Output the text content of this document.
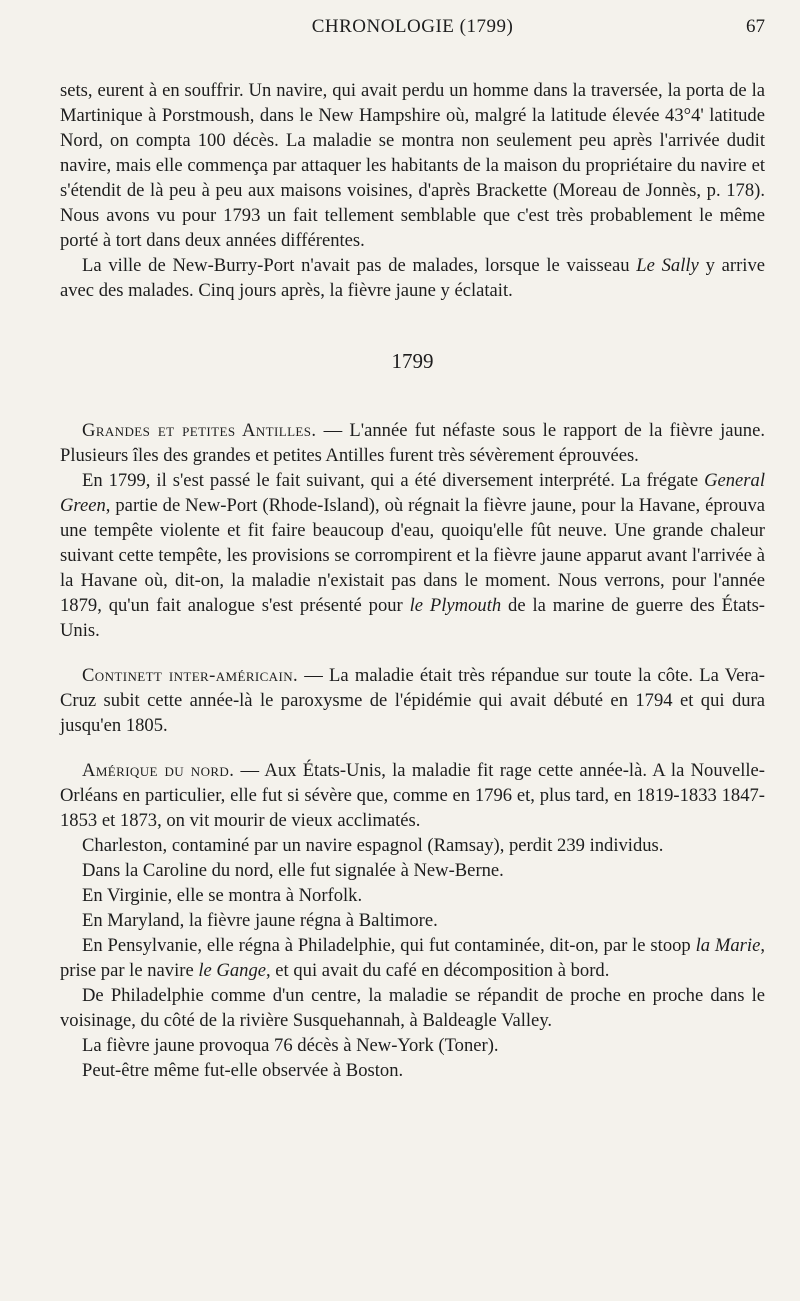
CHRONOLOGIE (1799)	67

sets, eurent à en souffrir. Un navire, qui avait perdu un homme dans la traversée, la porta de la Martinique à Porstmoush, dans le New Hampshire où, malgré la latitude élevée 43°4' latitude Nord, on compta 100 décès. La maladie se montra non seulement peu après l'arrivée dudit navire, mais elle commença par attaquer les habitants de la maison du propriétaire du navire et s'étendit de là peu à peu aux maisons voisines, d'après Brackette (Moreau de Jonnès, p. 178). Nous avons vu pour 1793 un fait tellement semblable que c'est très probablement le même porté à tort dans deux années différentes.

La ville de New-Burry-Port n'avait pas de malades, lorsque le vaisseau Le Sally y arrive avec des malades. Cinq jours après, la fièvre jaune y éclatait.

1799

Grandes et petites Antilles. — L'année fut néfaste sous le rapport de la fièvre jaune. Plusieurs îles des grandes et petites Antilles furent très sévèrement éprouvées.

En 1799, il s'est passé le fait suivant, qui a été diversement interprété. La frégate General Green, partie de New-Port (Rhode-Island), où régnait la fièvre jaune, pour la Havane, éprouva une tempête violente et fit faire beaucoup d'eau, quoiqu'elle fût neuve. Une grande chaleur suivant cette tempête, les provisions se corrompirent et la fièvre jaune apparut avant l'arrivée à la Havane où, dit-on, la maladie n'existait pas dans le moment. Nous verrons, pour l'année 1879, qu'un fait analogue s'est présenté pour le Plymouth de la marine de guerre des États-Unis.

Continett inter-américain. — La maladie était très répandue sur toute la côte. La Vera-Cruz subit cette année-là le paroxysme de l'épidémie qui avait débuté en 1794 et qui dura jusqu'en 1805.

Amérique du nord. — Aux États-Unis, la maladie fit rage cette année-là. A la Nouvelle-Orléans en particulier, elle fut si sévère que, comme en 1796 et, plus tard, en 1819-1833 1847-1853 et 1873, on vit mourir de vieux acclimatés.

Charleston, contaminé par un navire espagnol (Ramsay), perdit 239 individus.

Dans la Caroline du nord, elle fut signalée à New-Berne.

En Virginie, elle se montra à Norfolk.

En Maryland, la fièvre jaune régna à Baltimore.

En Pensylvanie, elle régna à Philadelphie, qui fut contaminée, dit-on, par le stoop la Marie, prise par le navire le Gange, et qui avait du café en décomposition à bord.

De Philadelphie comme d'un centre, la maladie se répandit de proche en proche dans le voisinage, du côté de la rivière Susquehannah, à Baldeagle Valley.

La fièvre jaune provoqua 76 décès à New-York (Toner).

Peut-être même fut-elle observée à Boston.
